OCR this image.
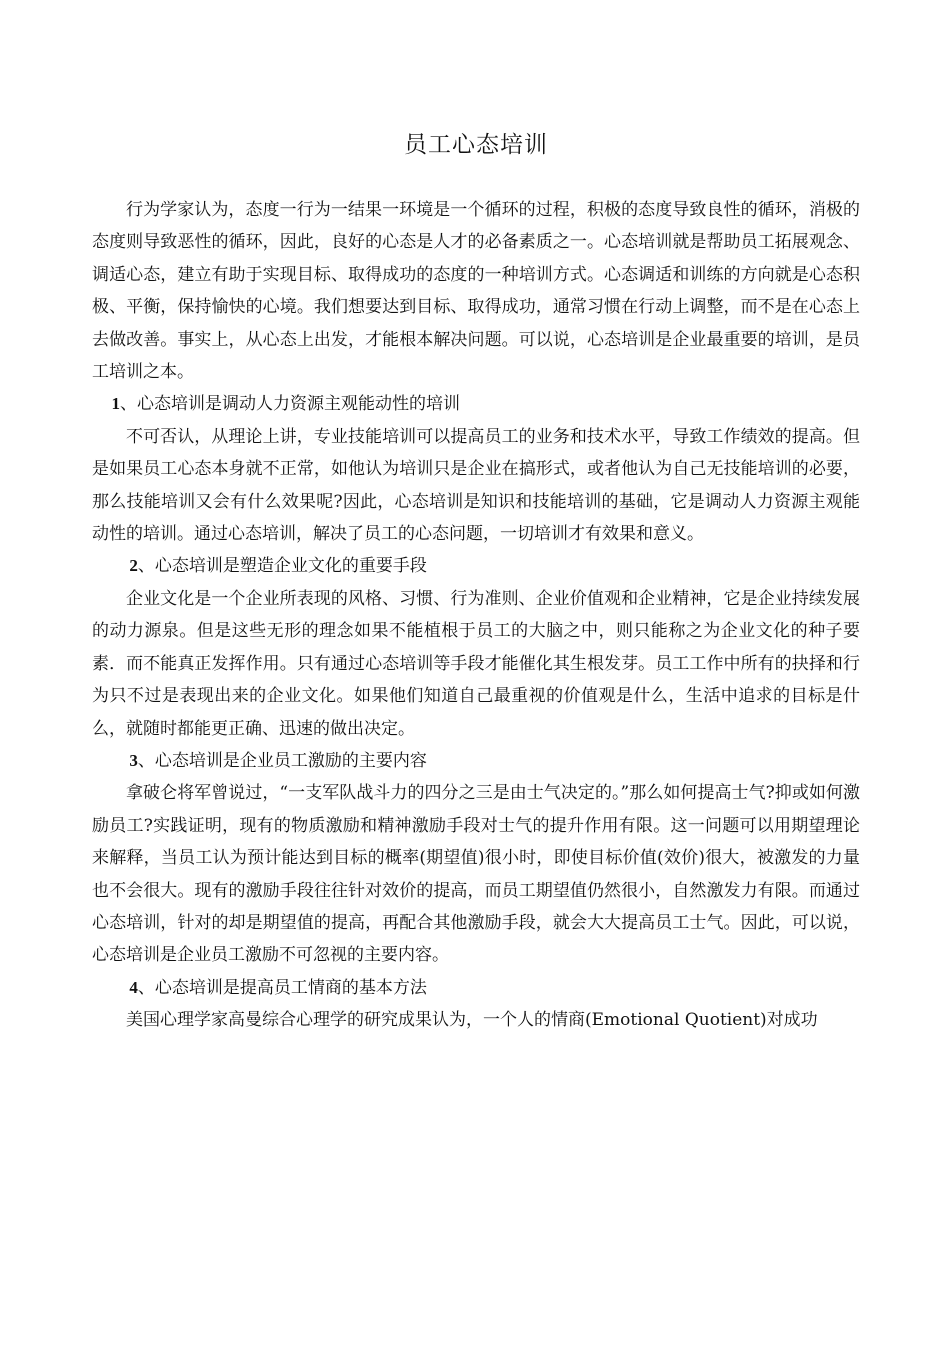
员工心态培训

行为学家认为，态度一行为一结果一环境是一个循环的过程，积极的态度导致良性的循环，消极的态度则导致恶性的循环，因此，良好的心态是人才的必备素质之一。心态培训就是帮助员工拓展观念、调适心态，建立有助于实现目标、取得成功的态度的一种培训方式。心态调适和训练的方向就是心态积极、平衡，保持愉快的心境。我们想要达到目标、取得成功，通常习惯在行动上调整，而不是在心态上去做改善。事实上，从心态上出发，才能根本解决问题。可以说，心态培训是企业最重要的培训，是员工培训之本。

1、心态培训是调动人力资源主观能动性的培训

不可否认，从理论上讲，专业技能培训可以提高员工的业务和技术水平，导致工作绩效的提高。但是如果员工心态本身就不正常，如他认为培训只是企业在搞形式，或者他认为自己无技能培训的必要，那么技能培训又会有什么效果呢?因此，心态培训是知识和技能培训的基础，它是调动人力资源主观能动性的培训。通过心态培训，解决了员工的心态问题，一切培训才有效果和意义。

2、心态培训是塑造企业文化的重要手段

企业文化是一个企业所表现的风格、习惯、行为准则、企业价值观和企业精神，它是企业持续发展的动力源泉。但是这些无形的理念如果不能植根于员工的大脑之中，则只能称之为企业文化的种子要素．而不能真正发挥作用。只有通过心态培训等手段才能催化其生根发芽。员工工作中所有的抉择和行为只不过是表现出来的企业文化。如果他们知道自己最重视的价值观是什么，生活中追求的目标是什么，就随时都能更正确、迅速的做出决定。

3、心态培训是企业员工激励的主要内容

拿破仑将军曾说过，“一支军队战斗力的四分之三是由士气决定的。”那么如何提高士气?抑或如何激励员工?实践证明，现有的物质激励和精神激励手段对士气的提升作用有限。这一问题可以用期望理论来解释，当员工认为预计能达到目标的概率(期望值)很小时，即使目标价值(效价)很大，被激发的力量也不会很大。现有的激励手段往往针对效价的提高，而员工期望值仍然很小，自然激发力有限。而通过心态培训，针对的却是期望值的提高，再配合其他激励手段，就会大大提高员工士气。因此，可以说，心态培训是企业员工激励不可忽视的主要内容。

4、心态培训是提高员工情商的基本方法

美国心理学家高曼综合心理学的研究成果认为，一个人的情商(Emotional Quotient)对成功
